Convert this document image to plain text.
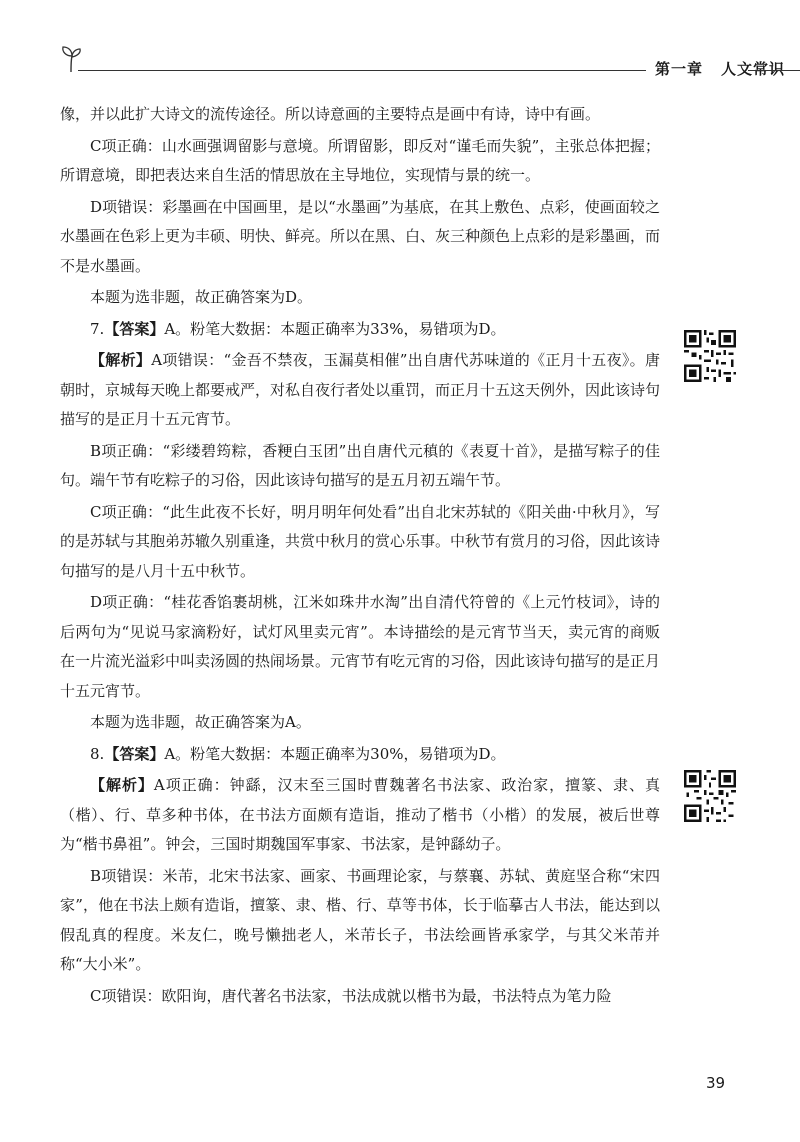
第一章 人文常识

像，并以此扩大诗文的流传途径。所以诗意画的主要特点是画中有诗，诗中有画。

C项正确：山水画强调留影与意境。所谓留影，即反对“谨毛而失貌”，主张总体把握；所谓意境，即把表达来自生活的情思放在主导地位，实现情与景的统一。

D项错误：彩墨画在中国画里，是以“水墨画”为基底，在其上敷色、点彩，使画面较之水墨画在色彩上更为丰硕、明快、鲜亮。所以在黑、白、灰三种颜色上点彩的是彩墨画，而不是水墨画。

本题为选非题，故正确答案为D。

7.【答案】A。粉笔大数据：本题正确率为33%，易错项为D。

【解析】A项错误：“金吾不禁夜，玉漏莫相催”出自唐代苏味道的《正月十五夜》。唐朝时，京城每天晚上都要戒严，对私自夜行者处以重罚，而正月十五这天例外，因此该诗句描写的是正月十五元宵节。

B项正确：“彩缕碧筠粽，香粳白玉团”出自唐代元稹的《表夏十首》，是描写粽子的佳句。端午节有吃粽子的习俗，因此该诗句描写的是五月初五端午节。

C项正确：“此生此夜不长好，明月明年何处看”出自北宋苏轼的《阳关曲·中秋月》，写的是苏轼与其胞弟苏辙久别重逢，共赏中秋月的赏心乐事。中秋节有赏月的习俗，因此该诗句描写的是八月十五中秋节。

D项正确：“桂花香馅裹胡桃，江米如珠井水淘”出自清代符曾的《上元竹枝词》，诗的后两句为“见说马家滴粉好，试灯风里卖元宵”。本诗描绘的是元宵节当天，卖元宵的商贩在一片流光溢彩中叫卖汤圆的热闹场景。元宵节有吃元宵的习俗，因此该诗句描写的是正月十五元宵节。

本题为选非题，故正确答案为A。

8.【答案】A。粉笔大数据：本题正确率为30%，易错项为D。

【解析】A项正确：钟繇，汉末至三国时曹魏著名书法家、政治家，擅篆、隶、真（楷）、行、草多种书体，在书法方面颇有造诣，推动了楷书（小楷）的发展，被后世尊为“楷书鼻祖”。钟会，三国时期魏国军事家、书法家，是钟繇幼子。

B项错误：米芾，北宋书法家、画家、书画理论家，与蔡襄、苏轼、黄庭坚合称“宋四家”，他在书法上颇有造诣，擅篆、隶、楷、行、草等书体，长于临摹古人书法，能达到以假乱真的程度。米友仁，晚号懒拙老人，米芾长子，书法绘画皆承家学，与其父米芾并称“大小米”。

C项错误：欧阳询，唐代著名书法家，书法成就以楷书为最，书法特点为笔力险

39
